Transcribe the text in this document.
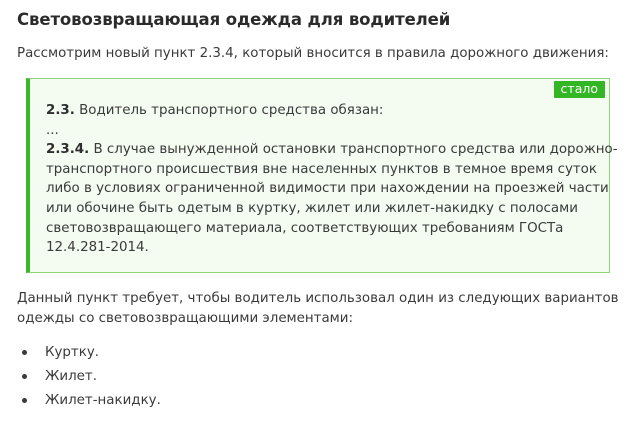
Световозвращающая одежда для водителей

Рассмотрим новый пункт 2.3.4, который вносится в правила дорожного движения:

стало
2.3. Водитель транспортного средства обязан:
...
2.3.4. В случае вынужденной остановки транспортного средства или дорожно-
транспортного происшествия вне населенных пунктов в темное время суток
либо в условиях ограниченной видимости при нахождении на проезжей части
или обочине быть одетым в куртку, жилет или жилет-накидку с полосами
световозвращающего материала, соответствующих требованиям ГОСТа
12.4.281-2014.

Данный пункт требует, чтобы водитель использовал один из следующих вариантов
одежды со световозвращающими элементами:

Куртку.
Жилет.
Жилет-накидку.
